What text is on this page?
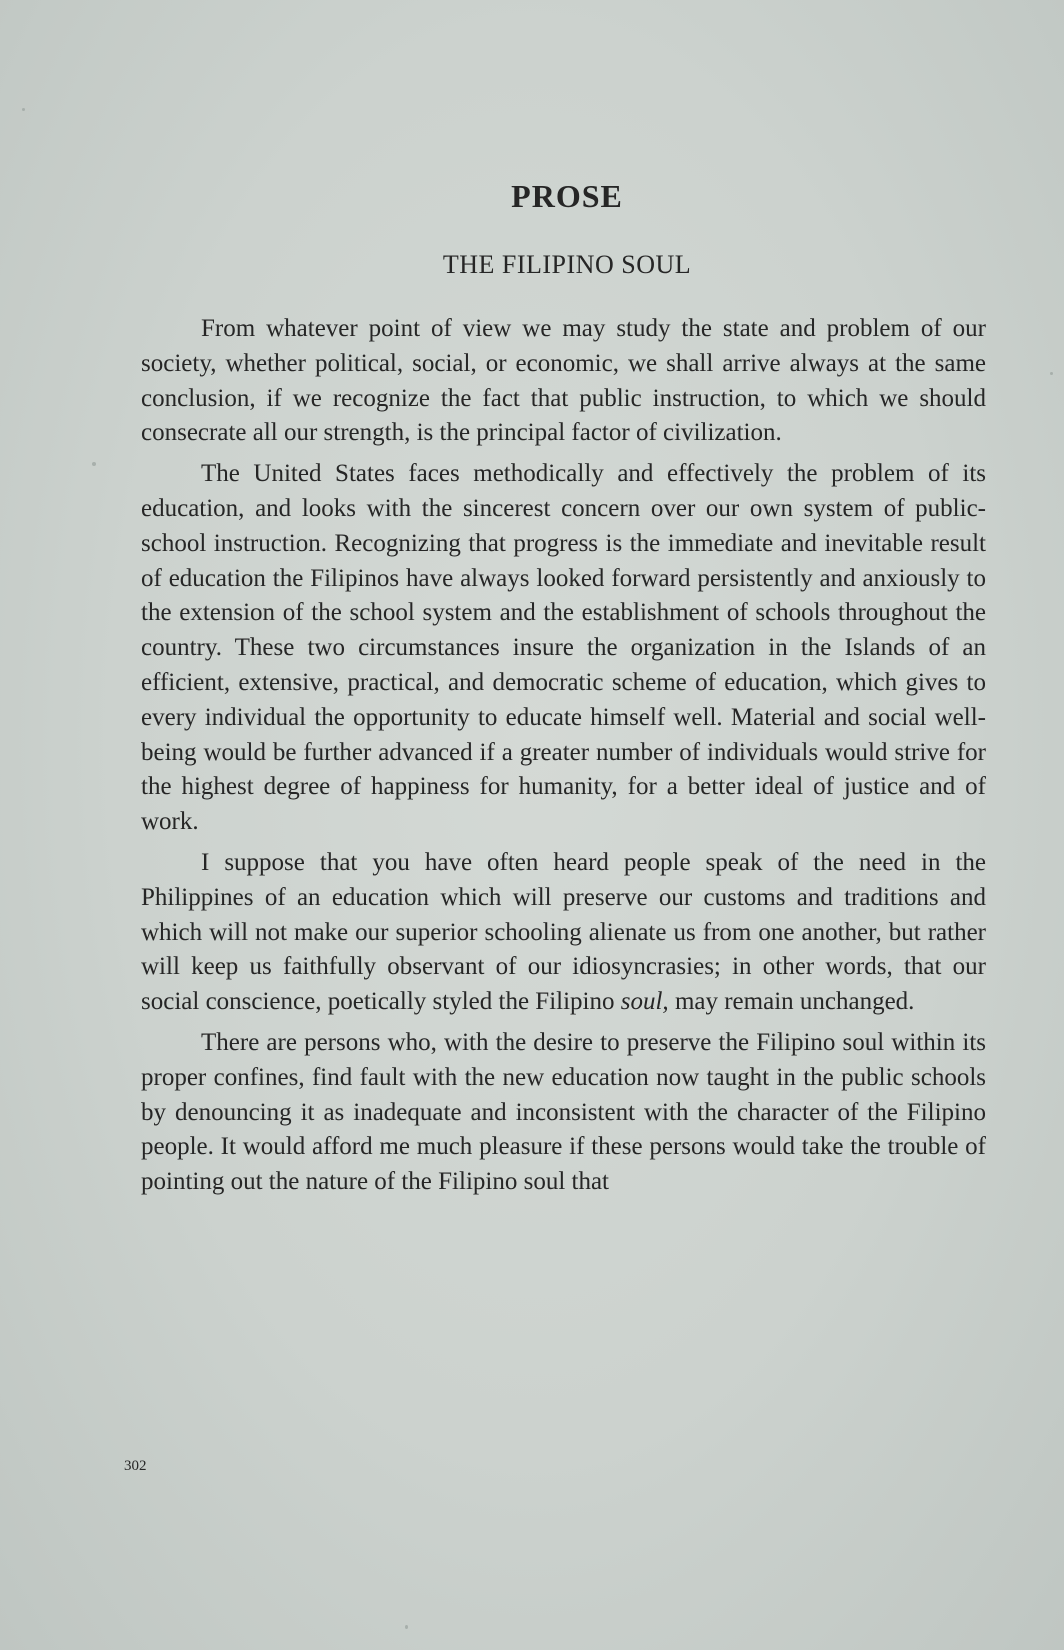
PROSE
THE FILIPINO SOUL

From whatever point of view we may study the state and problem of our society, whether political, social, or economic, we shall arrive always at the same conclusion, if we recognize the fact that public instruction, to which we should consecrate all our strength, is the principal factor of civilization.

The United States faces methodically and effectively the problem of its education, and looks with the sincerest concern over our own system of public-school instruction. Recognizing that progress is the immediate and inevitable result of education the Filipinos have always looked forward persistently and anxiously to the extension of the school system and the establishment of schools throughout the country. These two circumstances insure the organization in the Islands of an efficient, extensive, practical, and democratic scheme of education, which gives to every individual the opportunity to educate himself well. Material and social well-being would be further advanced if a greater number of individuals would strive for the highest degree of happiness for humanity, for a better ideal of justice and of work.

I suppose that you have often heard people speak of the need in the Philippines of an education which will preserve our customs and traditions and which will not make our superior schooling alienate us from one another, but rather will keep us faithfully observant of our idiosyncrasies; in other words, that our social conscience, poetically styled the Filipino soul, may remain unchanged.

There are persons who, with the desire to preserve the Filipino soul within its proper confines, find fault with the new education now taught in the public schools by denouncing it as inadequate and inconsistent with the character of the Filipino people. It would afford me much pleasure if these persons would take the trouble of pointing out the nature of the Filipino soul that

302
